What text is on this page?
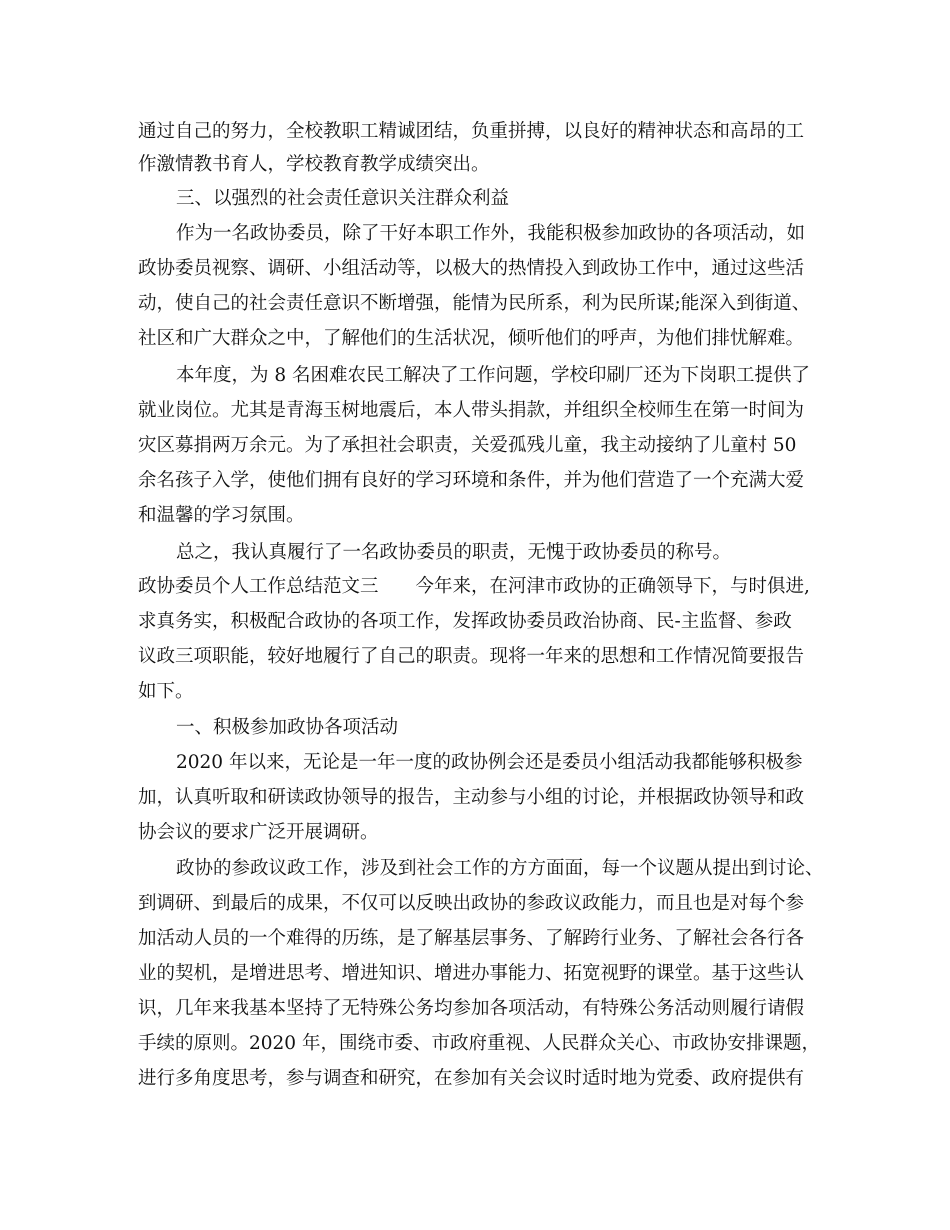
通过自己的努力，全校教职工精诚团结，负重拼搏，以良好的精神状态和高昂的工
作激情教书育人，学校教育教学成绩突出。
三、以强烈的社会责任意识关注群众利益
作为一名政协委员，除了干好本职工作外，我能积极参加政协的各项活动，如
政协委员视察、调研、小组活动等，以极大的热情投入到政协工作中，通过这些活
动，使自己的社会责任意识不断增强，能情为民所系，利为民所谋;能深入到街道、
社区和广大群众之中，了解他们的生活状况，倾听他们的呼声，为他们排忧解难。
本年度，为 8 名困难农民工解决了工作问题，学校印刷厂还为下岗职工提供了
就业岗位。尤其是青海玉树地震后，本人带头捐款，并组织全校师生在第一时间为
灾区募捐两万余元。为了承担社会职责，关爱孤残儿童，我主动接纳了儿童村 50
余名孩子入学，使他们拥有良好的学习环境和条件，并为他们营造了一个充满大爱
和温馨的学习氛围。
总之，我认真履行了一名政协委员的职责，无愧于政协委员的称号。
政协委员个人工作总结范文三　　今年来，在河津市政协的正确领导下，与时俱进,
求真务实，积极配合政协的各项工作，发挥政协委员政治协商、民-主监督、参政
议政三项职能，较好地履行了自己的职责。现将一年来的思想和工作情况简要报告
如下。
一、积极参加政协各项活动
2020 年以来，无论是一年一度的政协例会还是委员小组活动我都能够积极参
加，认真听取和研读政协领导的报告，主动参与小组的讨论，并根据政协领导和政
协会议的要求广泛开展调研。
政协的参政议政工作，涉及到社会工作的方方面面，每一个议题从提出到讨论、
到调研、到最后的成果，不仅可以反映出政协的参政议政能力，而且也是对每个参
加活动人员的一个难得的历练，是了解基层事务、了解跨行业务、了解社会各行各
业的契机，是增进思考、增进知识、增进办事能力、拓宽视野的课堂。基于这些认
识，几年来我基本坚持了无特殊公务均参加各项活动，有特殊公务活动则履行请假
手续的原则。2020 年，围绕市委、市政府重视、人民群众关心、市政协安排课题，
进行多角度思考，参与调查和研究，在参加有关会议时适时地为党委、政府提供有
